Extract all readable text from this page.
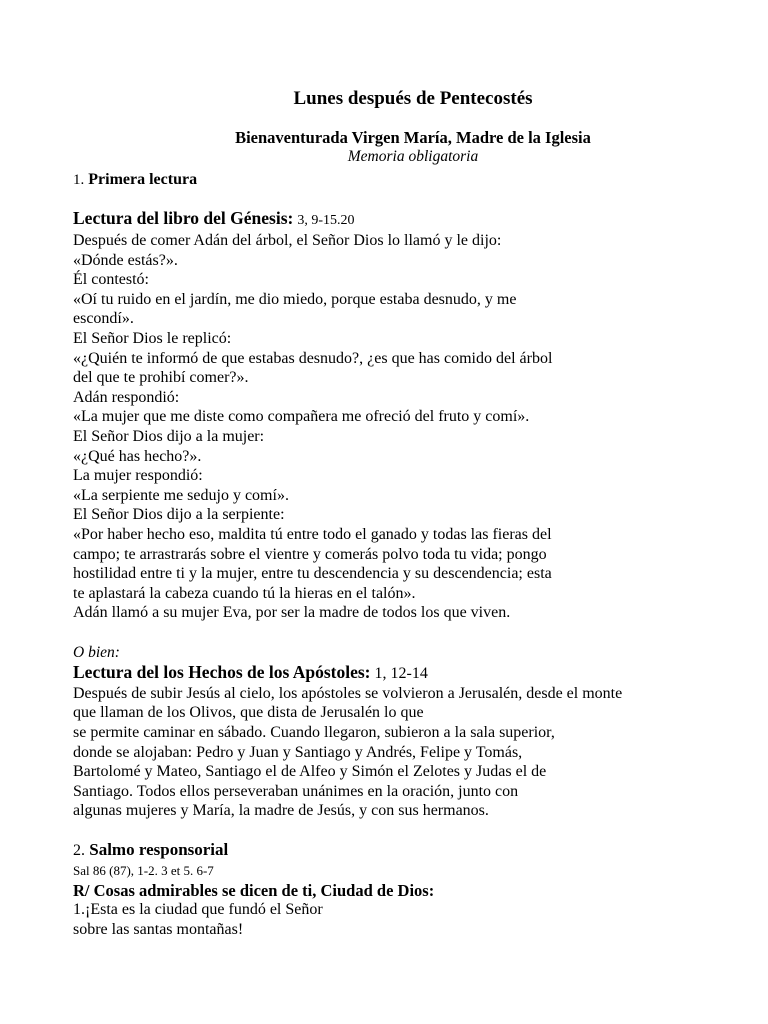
Lunes después de Pentecostés

Bienaventurada Virgen María, Madre de la Iglesia

Memoria obligatoria

1. Primera lectura

Lectura del libro del Génesis: 3, 9-15.20

Después de comer Adán del árbol, el Señor Dios lo llamó y le dijo:
«Dónde estás?».
Él contestó:
«Oí tu ruido en el jardín, me dio miedo, porque estaba desnudo, y me
escondí».
El Señor Dios le replicó:
«¿Quién te informó de que estabas desnudo?, ¿es que has comido del árbol
del que te prohibí comer?».
Adán respondió:
«La mujer que me diste como compañera me ofreció del fruto y comí».
El Señor Dios dijo a la mujer:
«¿Qué has hecho?».
La mujer respondió:
«La serpiente me sedujo y comí».
El Señor Dios dijo a la serpiente:
«Por haber hecho eso, maldita tú entre todo el ganado y todas las fieras del
campo; te arrastrarás sobre el vientre y comerás polvo toda tu vida; pongo
hostilidad entre ti y la mujer, entre tu descendencia y su descendencia; esta
te aplastará la cabeza cuando tú la hieras en el talón».
Adán llamó a su mujer Eva, por ser la madre de todos los que viven.

O bien:

Lectura del los Hechos de los Apóstoles: 1, 12-14

Después de subir Jesús al cielo, los apóstoles se volvieron a Jerusalén, desde el monte
que llaman de los Olivos, que dista de Jerusalén lo que
se permite caminar en sábado. Cuando llegaron, subieron a la sala superior,
donde se alojaban: Pedro y Juan y Santiago y Andrés, Felipe y Tomás,
Bartolomé y Mateo, Santiago el de Alfeo y Simón el Zelotes y Judas el de
Santiago. Todos ellos perseveraban unánimes en la oración, junto con
algunas mujeres y María, la madre de Jesús, y con sus hermanos.

2. Salmo responsorial

Sal 86 (87), 1-2. 3 et 5. 6-7

R/ Cosas admirables se dicen de ti, Ciudad de Dios:

1.¡Esta es la ciudad que fundó el Señor
sobre las santas montañas!
